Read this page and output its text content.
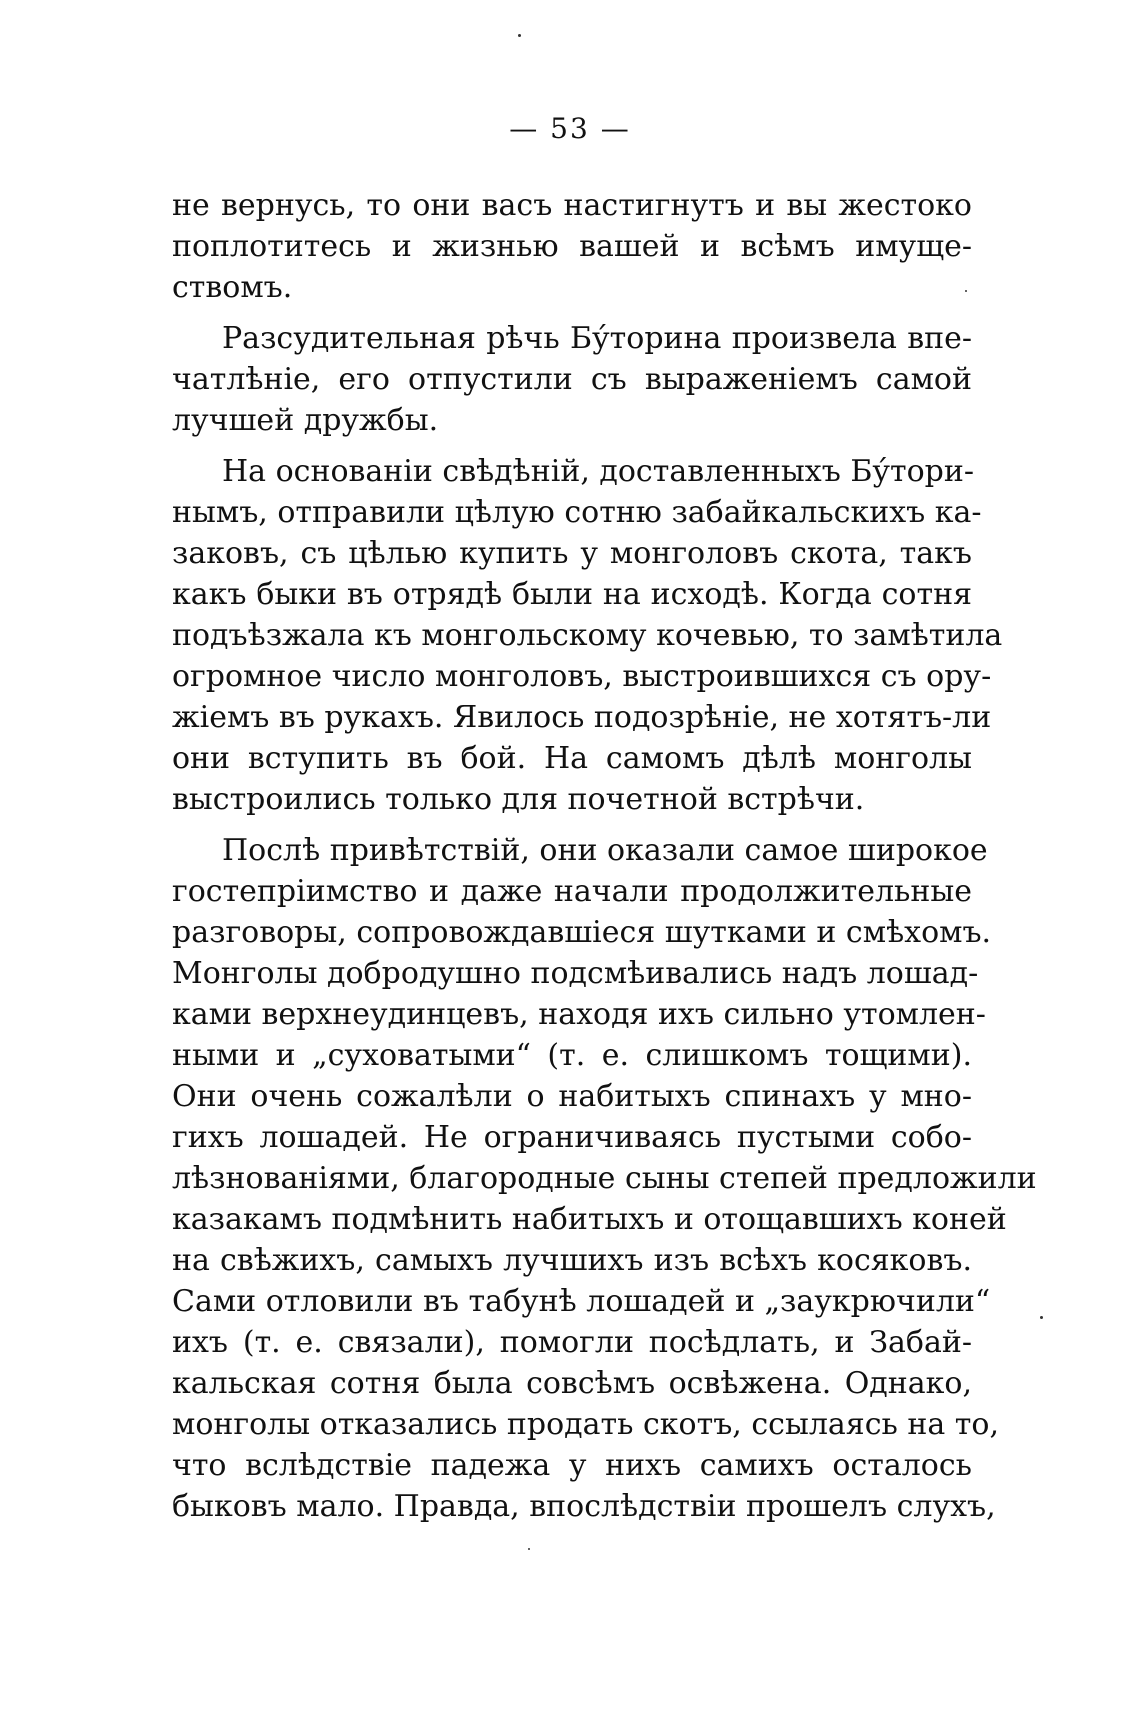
— 53 —
не вернусь, то они васъ настигнутъ и вы жестоко
поплотитесь и жизнью вашей и всѣмъ имуще-
ствомъ.
Разсудительная рѣчь Бу́торина произвела впе-
чатлѣніе, его отпустили съ выраженіемъ самой
лучшей дружбы.
На основаніи свѣдѣній, доставленныхъ Бу́тори-
нымъ, отправили цѣлую сотню забайкальскихъ ка-
заковъ, съ цѣлью купить у монголовъ скота, такъ
какъ быки въ отрядѣ были на исходѣ. Когда сотня
подъѣзжала къ монгольскому кочевью, то замѣтила
огромное число монголовъ, выстроившихся съ ору-
жіемъ въ рукахъ. Явилось подозрѣніе, не хотятъ-ли
они вступить въ бой. На самомъ дѣлѣ монголы
выстроились только для почетной встрѣчи.
Послѣ привѣтствій, они оказали самое широкое
гостепріимство и даже начали продолжительные
разговоры, сопровождавшіеся шутками и смѣхомъ.
Монголы добродушно подсмѣивались надъ лошад-
ками верхнеудинцевъ, находя ихъ сильно утомлен-
ными и „суховатыми“ (т. е. слишкомъ тощими).
Они очень сожалѣли о набитыхъ спинахъ у мно-
гихъ лошадей. Не ограничиваясь пустыми собо-
лѣзнованіями, благородные сыны степей предложили
казакамъ подмѣнить набитыхъ и отощавшихъ коней
на свѣжихъ, самыхъ лучшихъ изъ всѣхъ косяковъ.
Сами отловили въ табунѣ лошадей и „заукрючили“
ихъ (т. е. связали), помогли посѣдлать, и Забай-
кальская сотня была совсѣмъ освѣжена. Однако,
монголы отказались продать скотъ, ссылаясь на то,
что вслѣдствіе падежа у нихъ самихъ осталось
быковъ мало. Правда, впослѣдствіи прошелъ слухъ,
